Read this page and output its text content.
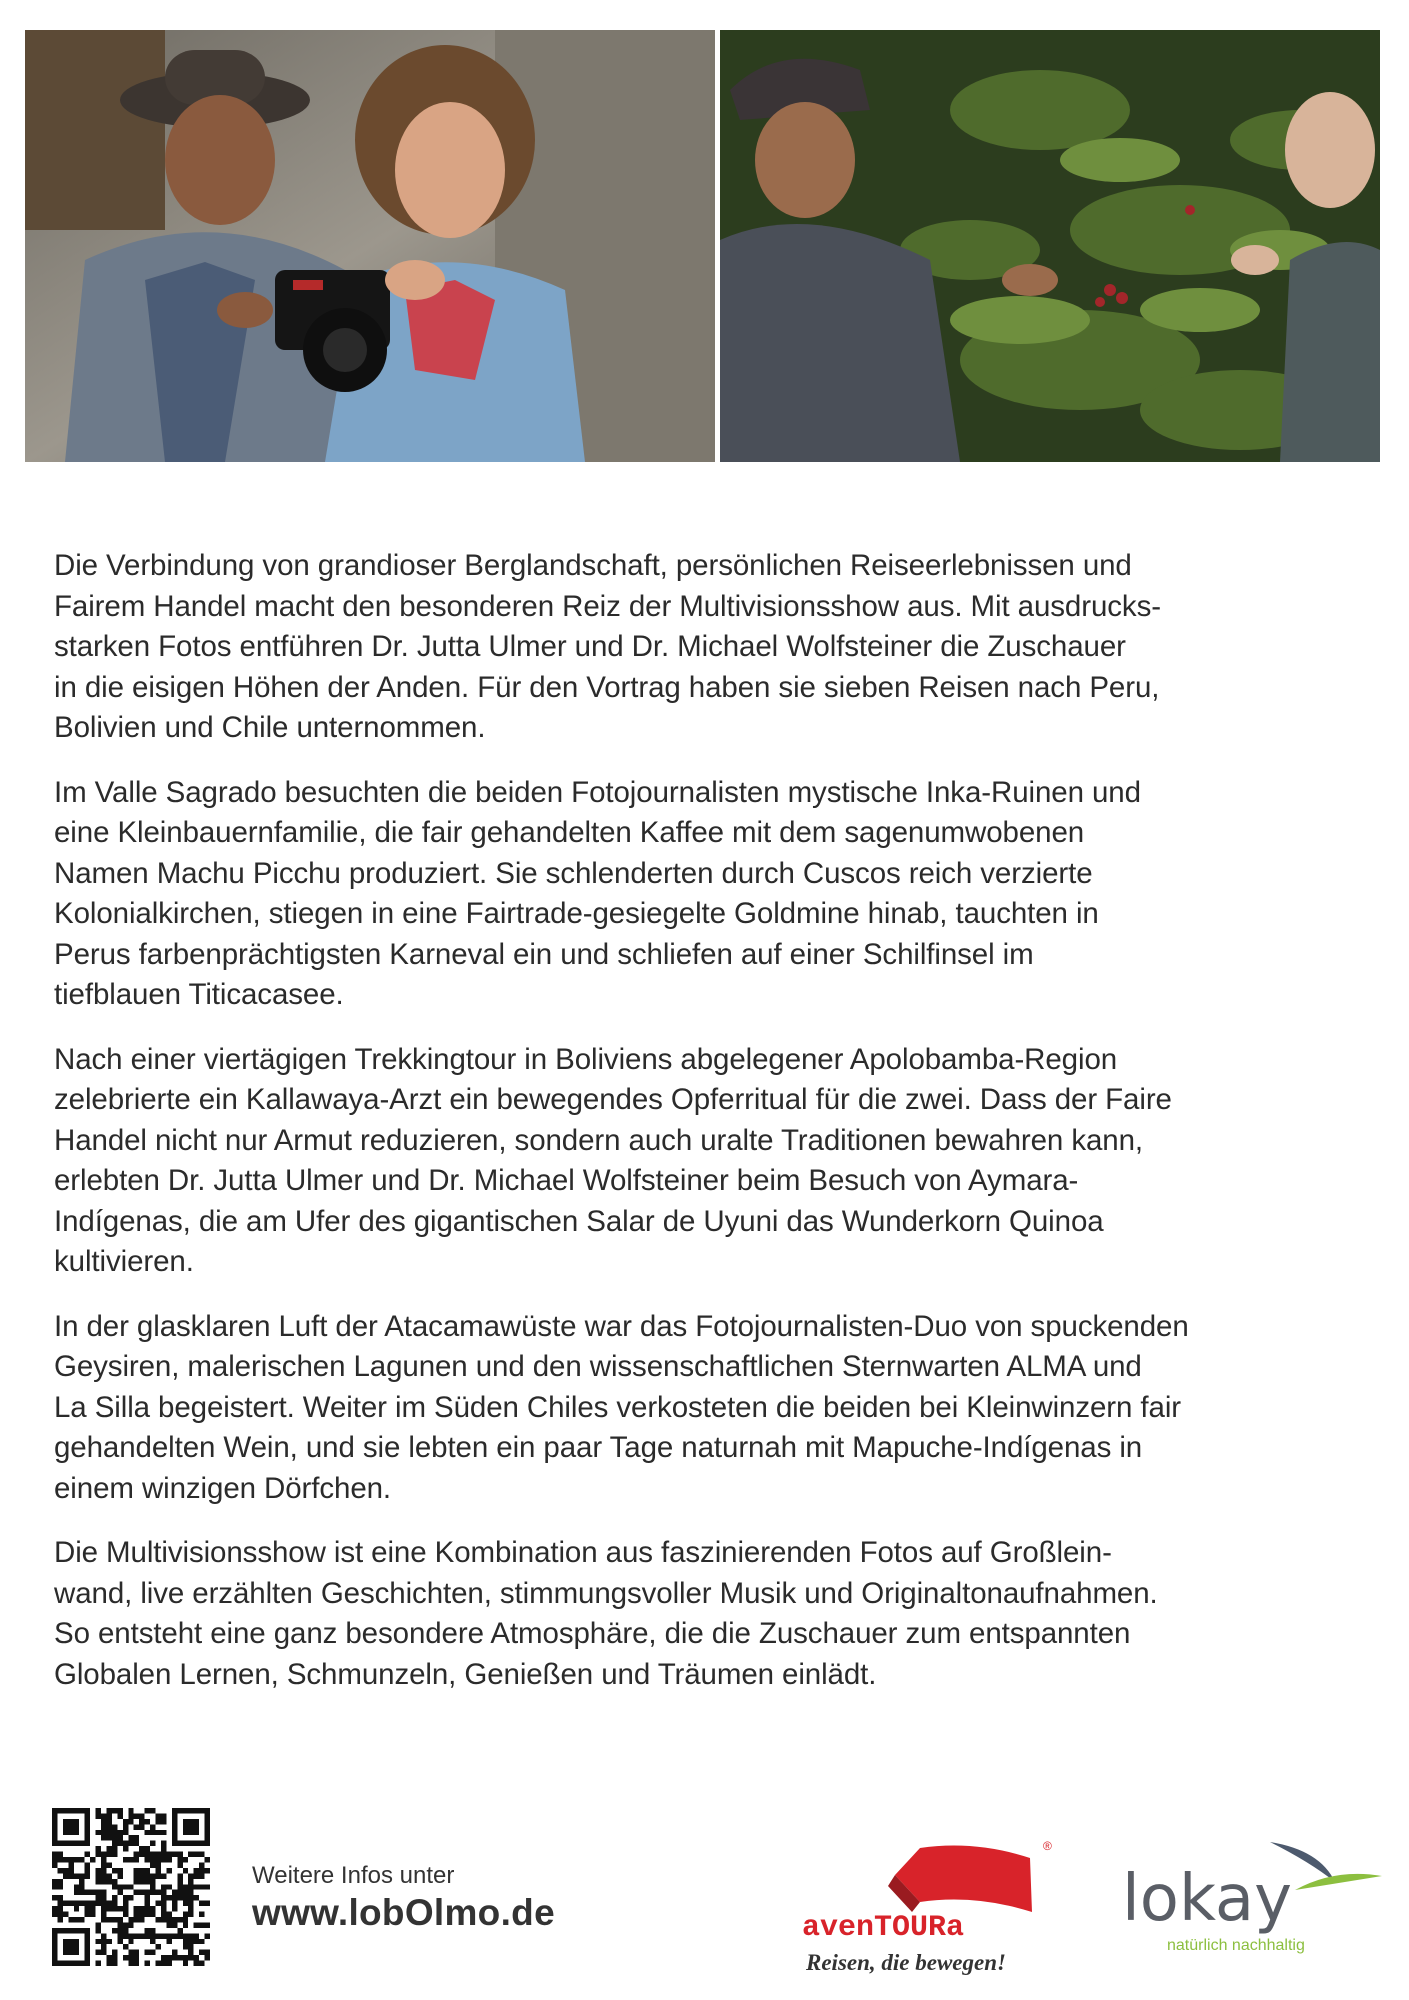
Die Verbindung von grandioser Berglandschaft, persönlichen Reiseerlebnissen und
Fairem Handel macht den besonderen Reiz der Multivisionsshow aus. Mit ausdrucks-
starken Fotos entführen Dr. Jutta Ulmer und Dr. Michael Wolfsteiner die Zuschauer
in die eisigen Höhen der Anden. Für den Vortrag haben sie sieben Reisen nach Peru,
Bolivien und Chile unternommen.

Im Valle Sagrado besuchten die beiden Fotojournalisten mystische Inka-Ruinen und
eine Kleinbauernfamilie, die fair gehandelten Kaffee mit dem sagenumwobenen
Namen Machu Picchu produziert. Sie schlenderten durch Cuscos reich verzierte
Kolonialkirchen, stiegen in eine Fairtrade-gesiegelte Goldmine hinab, tauchten in
Perus farbenprächtigsten Karneval ein und schliefen auf einer Schilfinsel im
tiefblauen Titicacasee.

Nach einer viertägigen Trekkingtour in Boliviens abgelegener Apolobamba-Region
zelebrierte ein Kallawaya-Arzt ein bewegendes Opferritual für die zwei. Dass der Faire
Handel nicht nur Armut reduzieren, sondern auch uralte Traditionen bewahren kann,
erlebten Dr. Jutta Ulmer und Dr. Michael Wolfsteiner beim Besuch von Aymara-
Indígenas, die am Ufer des gigantischen Salar de Uyuni das Wunderkorn Quinoa
kultivieren.

In der glasklaren Luft der Atacamawüste war das Fotojournalisten-Duo von spuckenden
Geysiren, malerischen Lagunen und den wissenschaftlichen Sternwarten ALMA und
La Silla begeistert. Weiter im Süden Chiles verkosteten die beiden bei Kleinwinzern fair
gehandelten Wein, und sie lebten ein paar Tage naturnah mit Mapuche-Indígenas in
einem winzigen Dörfchen.

Die Multivisionsshow ist eine Kombination aus faszinierenden Fotos auf Großlein-
wand, live erzählten Geschichten, stimmungsvoller Musik und Originaltonaufnahmen.
So entsteht eine ganz besondere Atmosphäre, die die Zuschauer zum entspannten
Globalen Lernen, Schmunzeln, Genießen und Träumen einlädt.

Weitere Infos unter
www.lobOlmo.de
®
avenTOURa
Reisen, die bewegen!
lokay
natürlich nachhaltig
